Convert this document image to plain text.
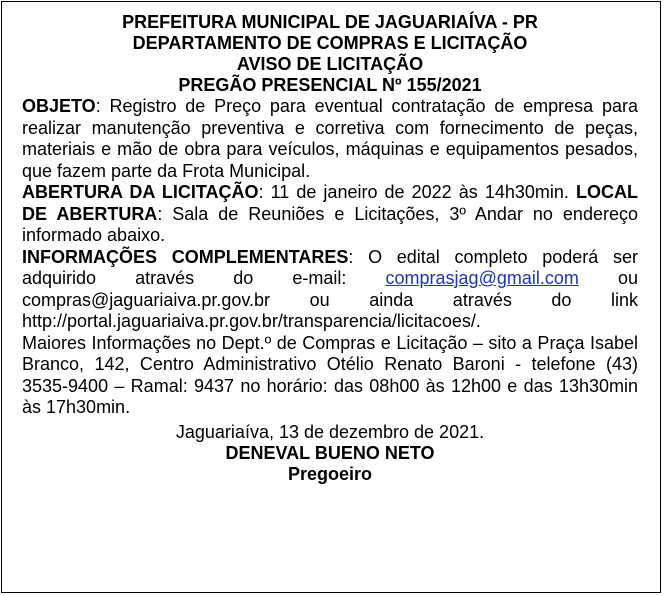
PREFEITURA MUNICIPAL DE JAGUARIAÍVA - PR
DEPARTAMENTO DE COMPRAS E LICITAÇÃO
AVISO DE LICITAÇÃO
PREGÃO PRESENCIAL Nº 155/2021

OBJETO: Registro de Preço para eventual contratação de empresa para realizar manutenção preventiva e corretiva com fornecimento de peças, materiais e mão de obra para veículos, máquinas e equipamentos pesados, que fazem parte da Frota Municipal.

ABERTURA DA LICITAÇÃO: 11 de janeiro de 2022 às 14h30min. LOCAL DE ABERTURA: Sala de Reuniões e Licitações, 3º Andar no endereço informado abaixo.

INFORMAÇÕES COMPLEMENTARES: O edital completo poderá ser adquirido através do e-mail: comprasjag@gmail.com ou compras@jaguariaiva.pr.gov.br ou ainda através do link http://portal.jaguariaiva.pr.gov.br/transparencia/licitacoes/.

Maiores Informações no Dept.º de Compras e Licitação – sito a Praça Isabel Branco, 142, Centro Administrativo Otélio Renato Baroni - telefone (43) 3535-9400 – Ramal: 9437 no horário: das 08h00 às 12h00 e das 13h30min às 17h30min.

Jaguariaíva, 13 de dezembro de 2021.
DENEVAL BUENO NETO
Pregoeiro
